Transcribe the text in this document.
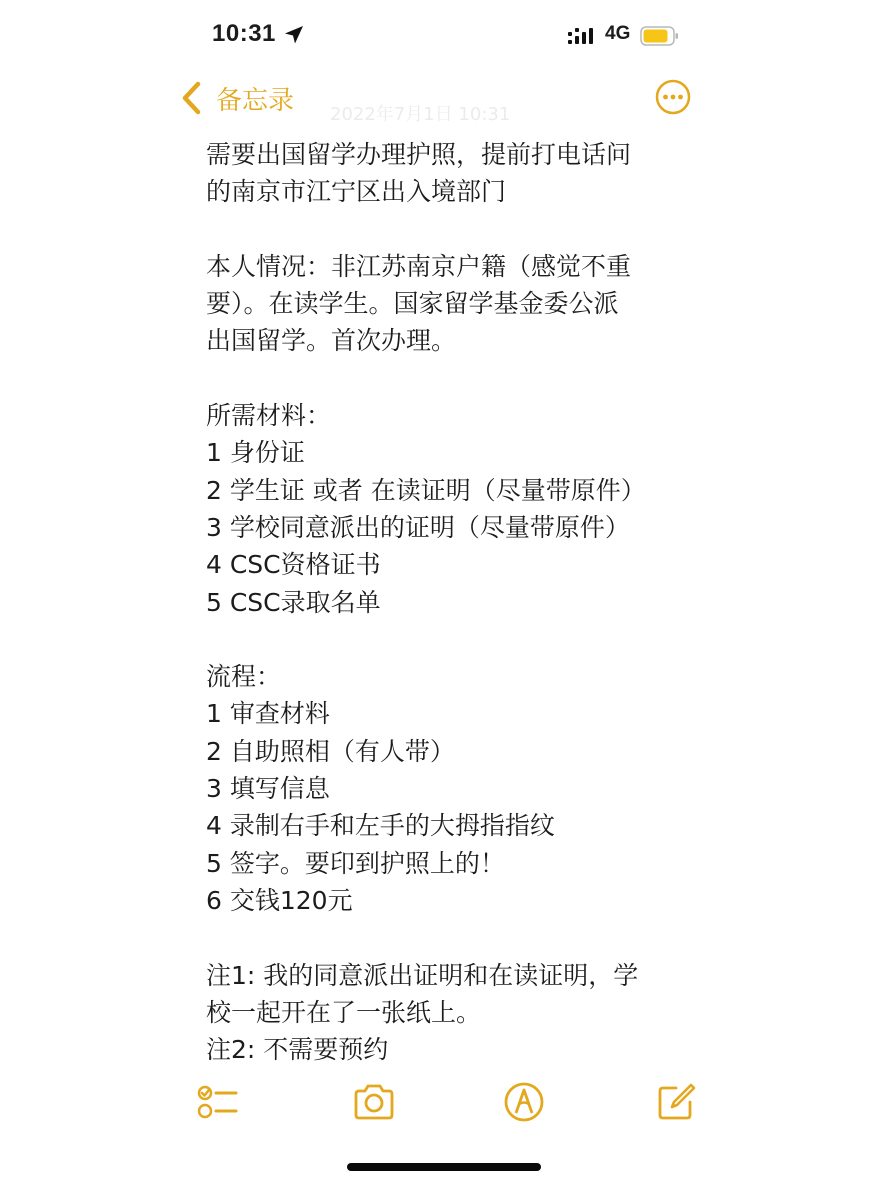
10:31	4G
备忘录 2022年7月1日 10:31
需要出国留学办理护照，提前打电话问
的南京市江宁区出入境部门
本人情况：非江苏南京户籍（感觉不重
要）。在读学生。国家留学基金委公派
出国留学。首次办理。
所需材料：
1 身份证
2 学生证 或者 在读证明（尽量带原件）
3 学校同意派出的证明（尽量带原件）
4 CSC资格证书
5 CSC录取名单
流程：
1 审查材料
2 自助照相（有人带）
3 填写信息
4 录制右手和左手的大拇指指纹
5 签字。要印到护照上的！
6 交钱120元
注1: 我的同意派出证明和在读证明，学
校一起开在了一张纸上。
注2: 不需要预约
